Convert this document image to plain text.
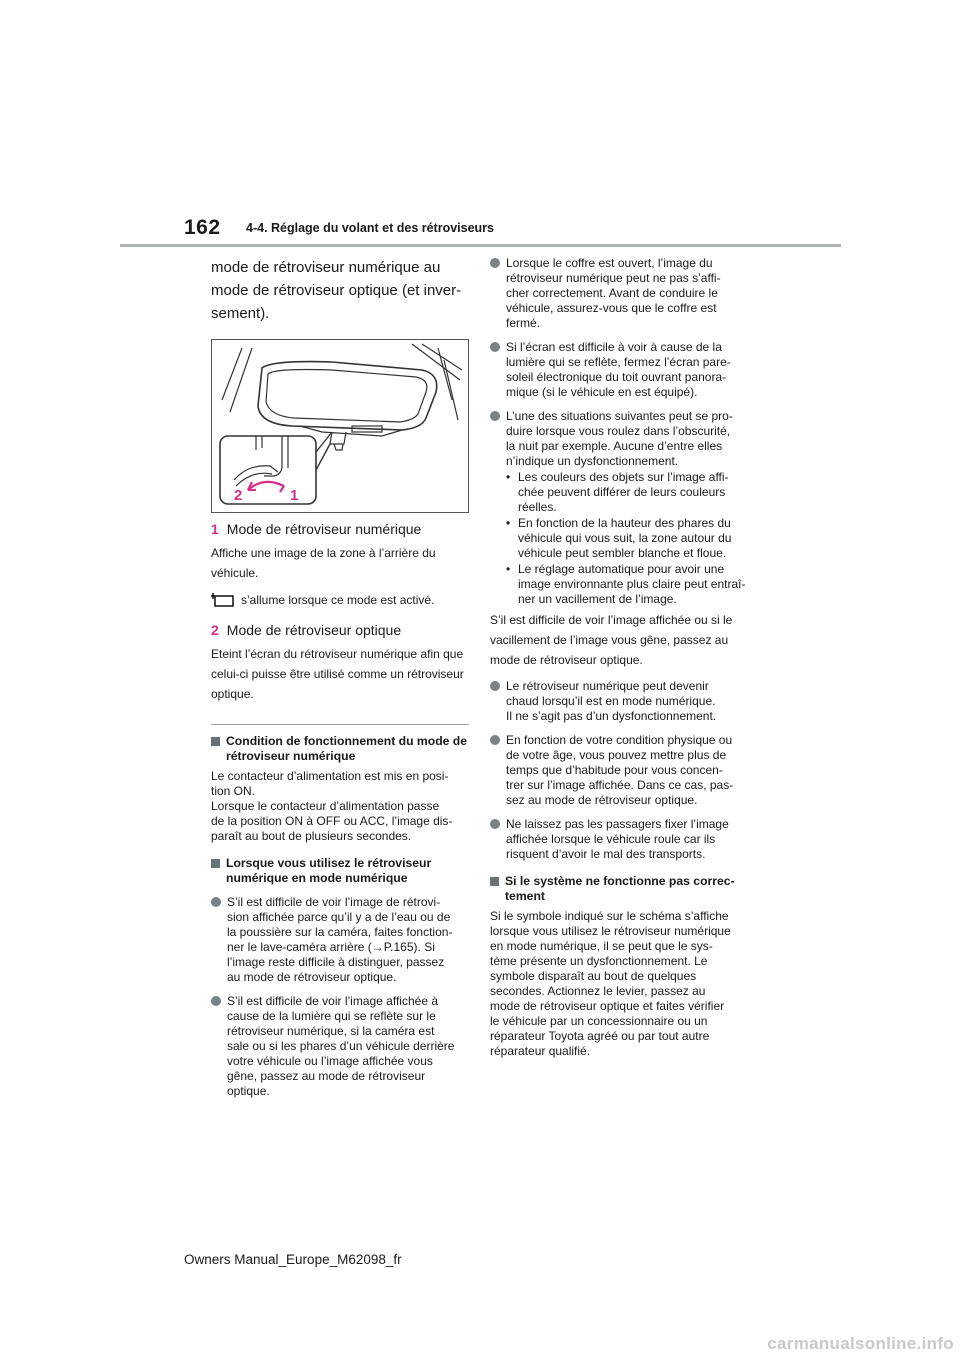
162 4-4. Réglage du volant et des rétroviseurs

mode de rétroviseur numérique au mode de rétroviseur optique (et inver-sement).

2	1
1 Mode de rétroviseur numérique

Affiche une image de la zone à l’arrière du véhicule.

s’allume lorsque ce mode est activé.
2 Mode de rétroviseur optique

Eteint l’écran du rétroviseur numérique afin que celui-ci puisse être utilisé comme un rétroviseur optique.

Condition de fonctionnement du mode de rétroviseur numérique

Le contacteur d’alimentation est mis en posi-
tion ON.
Lorsque le contacteur d’alimentation passe
de la position ON à OFF ou ACC, l’image dis-
paraît au bout de plusieurs secondes.

Lorsque vous utilisez le rétroviseur numérique en mode numérique
S’il est difficile de voir l’image de rétrovi-
sion affichée parce qu’il y a de l’eau ou de
la poussière sur la caméra, faites fonction-
ner le lave-caméra arrière (→P.165). Si
l’image reste difficile à distinguer, passez
au mode de rétroviseur optique.
S’il est difficile de voir l’image affichée à
cause de la lumière qui se reflète sur le
rétroviseur numérique, si la caméra est
sale ou si les phares d’un véhicule derrière
votre véhicule ou l’image affichée vous
gêne, passez au mode de rétroviseur
optique.
Lorsque le coffre est ouvert, l’image du
rétroviseur numérique peut ne pas s’affi-
cher correctement. Avant de conduire le
véhicule, assurez-vous que le coffre est
fermé.
Si l’écran est difficile à voir à cause de la
lumière qui se reflète, fermez l’écran pare-
soleil électronique du toit ouvrant panora-
mique (si le véhicule en est équipé).
L’une des situations suivantes peut se pro-
duire lorsque vous roulez dans l’obscurité,
la nuit par exemple. Aucune d’entre elles
n’indique un dysfonctionnement.
• Les couleurs des objets sur l’image affi-
chée peuvent différer de leurs couleurs
réelles.
• En fonction de la hauteur des phares du
véhicule qui vous suit, la zone autour du
véhicule peut sembler blanche et floue.
• Le réglage automatique pour avoir une
image environnante plus claire peut entraî-
ner un vacillement de l’image.

S’il est difficile de voir l’image affichée ou si le
vacillement de l’image vous gêne, passez au
mode de rétroviseur optique.

Le rétroviseur numérique peut devenir
chaud lorsqu’il est en mode numérique.
Il ne s’agit pas d’un dysfonctionnement.
En fonction de votre condition physique ou
de votre âge, vous pouvez mettre plus de
temps que d’habitude pour vous concen-
trer sur l’image affichée. Dans ce cas, pas-
sez au mode de rétroviseur optique.
Ne laissez pas les passagers fixer l’image
affichée lorsque le véhicule roule car ils
risquent d’avoir le mal des transports.
Si le système ne fonctionne pas correc-tement

Si le symbole indiqué sur le schéma s’affiche
lorsque vous utilisez le rétroviseur numérique
en mode numérique, il se peut que le sys-
tème présente un dysfonctionnement. Le
symbole disparaît au bout de quelques
secondes. Actionnez le levier, passez au
mode de rétroviseur optique et faites vérifier
le véhicule par un concessionnaire ou un
réparateur Toyota agréé ou par tout autre
réparateur qualifié.

Owners Manual_Europe_M62098_fr
carmanualsonline.info
